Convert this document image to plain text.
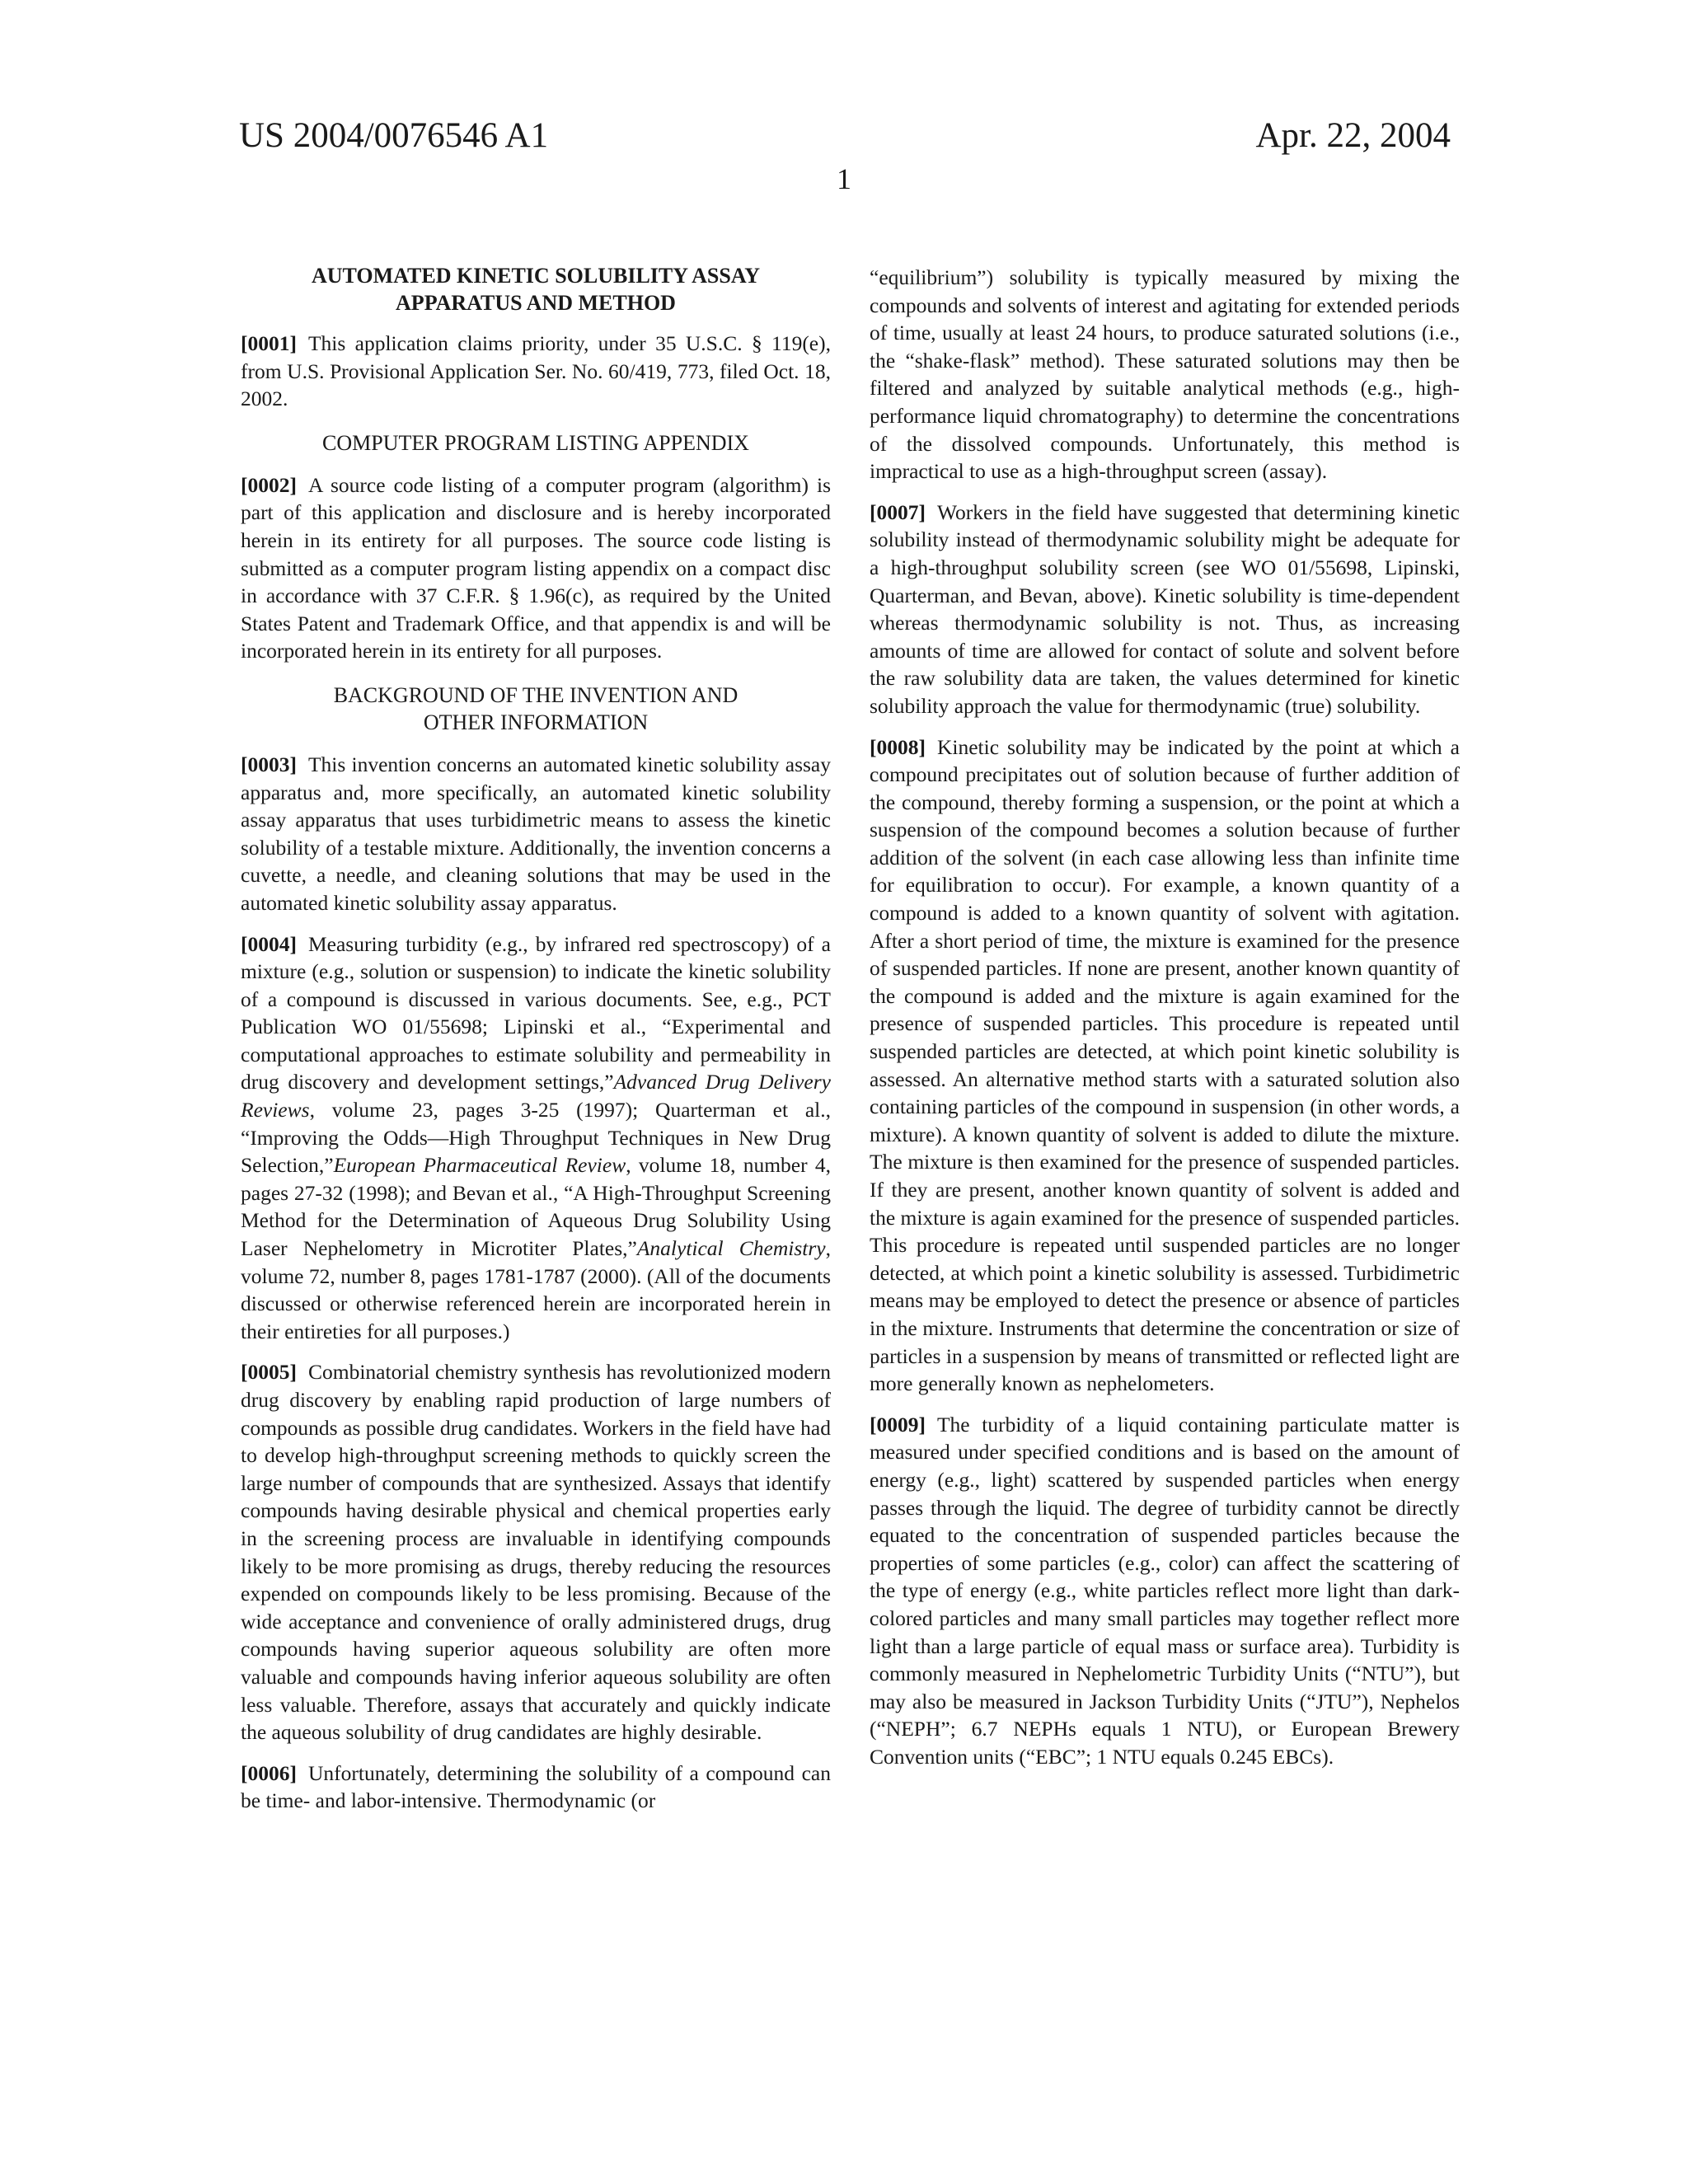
US 2004/0076546 A1	Apr. 22, 2004
1
AUTOMATED KINETIC SOLUBILITY ASSAY
APPARATUS AND METHOD

[0001] This application claims priority, under 35 U.S.C. § 119(e), from U.S. Provisional Application Ser. No. 60/419, 773, filed Oct. 18, 2002.

COMPUTER PROGRAM LISTING APPENDIX

[0002] A source code listing of a computer program (algorithm) is part of this application and disclosure and is hereby incorporated herein in its entirety for all purposes. The source code listing is submitted as a computer program listing appendix on a compact disc in accordance with 37 C.F.R. § 1.96(c), as required by the United States Patent and Trademark Office, and that appendix is and will be incorporated herein in its entirety for all purposes.

BACKGROUND OF THE INVENTION AND
OTHER INFORMATION

[0003] This invention concerns an automated kinetic solubility assay apparatus and, more specifically, an automated kinetic solubility assay apparatus that uses turbidimetric means to assess the kinetic solubility of a testable mixture. Additionally, the invention concerns a cuvette, a needle, and cleaning solutions that may be used in the automated kinetic solubility assay apparatus.

[0004] Measuring turbidity (e.g., by infrared red spectroscopy) of a mixture (e.g., solution or suspension) to indicate the kinetic solubility of a compound is discussed in various documents. See, e.g., PCT Publication WO 01/55698; Lipinski et al., “Experimental and computational approaches to estimate solubility and permeability in drug discovery and development settings,”Advanced Drug Delivery Reviews, volume 23, pages 3-25 (1997); Quarterman et al., “Improving the Odds—High Throughput Techniques in New Drug Selection,”European Pharmaceutical Review, volume 18, number 4, pages 27-32 (1998); and Bevan et al., “A High-Throughput Screening Method for the Determination of Aqueous Drug Solubility Using Laser Nephelometry in Microtiter Plates,”Analytical Chemistry, volume 72, number 8, pages 1781-1787 (2000). (All of the documents discussed or otherwise referenced herein are incorporated herein in their entireties for all purposes.)

[0005] Combinatorial chemistry synthesis has revolutionized modern drug discovery by enabling rapid production of large numbers of compounds as possible drug candidates. Workers in the field have had to develop high-throughput screening methods to quickly screen the large number of compounds that are synthesized. Assays that identify compounds having desirable physical and chemical properties early in the screening process are invaluable in identifying compounds likely to be more promising as drugs, thereby reducing the resources expended on compounds likely to be less promising. Because of the wide acceptance and convenience of orally administered drugs, drug compounds having superior aqueous solubility are often more valuable and compounds having inferior aqueous solubility are often less valuable. Therefore, assays that accurately and quickly indicate the aqueous solubility of drug candidates are highly desirable.

[0006] Unfortunately, determining the solubility of a compound can be time- and labor-intensive. Thermodynamic (or

“equilibrium”) solubility is typically measured by mixing the compounds and solvents of interest and agitating for extended periods of time, usually at least 24 hours, to produce saturated solutions (i.e., the “shake-flask” method). These saturated solutions may then be filtered and analyzed by suitable analytical methods (e.g., high-performance liquid chromatography) to determine the concentrations of the dissolved compounds. Unfortunately, this method is impractical to use as a high-throughput screen (assay).

[0007] Workers in the field have suggested that determining kinetic solubility instead of thermodynamic solubility might be adequate for a high-throughput solubility screen (see WO 01/55698, Lipinski, Quarterman, and Bevan, above). Kinetic solubility is time-dependent whereas thermodynamic solubility is not. Thus, as increasing amounts of time are allowed for contact of solute and solvent before the raw solubility data are taken, the values determined for kinetic solubility approach the value for thermodynamic (true) solubility.

[0008] Kinetic solubility may be indicated by the point at which a compound precipitates out of solution because of further addition of the compound, thereby forming a suspension, or the point at which a suspension of the compound becomes a solution because of further addition of the solvent (in each case allowing less than infinite time for equilibration to occur). For example, a known quantity of a compound is added to a known quantity of solvent with agitation. After a short period of time, the mixture is examined for the presence of suspended particles. If none are present, another known quantity of the compound is added and the mixture is again examined for the presence of suspended particles. This procedure is repeated until suspended particles are detected, at which point kinetic solubility is assessed. An alternative method starts with a saturated solution also containing particles of the compound in suspension (in other words, a mixture). A known quantity of solvent is added to dilute the mixture. The mixture is then examined for the presence of suspended particles. If they are present, another known quantity of solvent is added and the mixture is again examined for the presence of suspended particles. This procedure is repeated until suspended particles are no longer detected, at which point a kinetic solubility is assessed. Turbidimetric means may be employed to detect the presence or absence of particles in the mixture. Instruments that determine the concentration or size of particles in a suspension by means of transmitted or reflected light are more generally known as nephelometers.

[0009] The turbidity of a liquid containing particulate matter is measured under specified conditions and is based on the amount of energy (e.g., light) scattered by suspended particles when energy passes through the liquid. The degree of turbidity cannot be directly equated to the concentration of suspended particles because the properties of some particles (e.g., color) can affect the scattering of the type of energy (e.g., white particles reflect more light than dark-colored particles and many small particles may together reflect more light than a large particle of equal mass or surface area). Turbidity is commonly measured in Nephelometric Turbidity Units (“NTU”), but may also be measured in Jackson Turbidity Units (“JTU”), Nephelos (“NEPH”; 6.7 NEPHs equals 1 NTU), or European Brewery Convention units (“EBC”; 1 NTU equals 0.245 EBCs).
